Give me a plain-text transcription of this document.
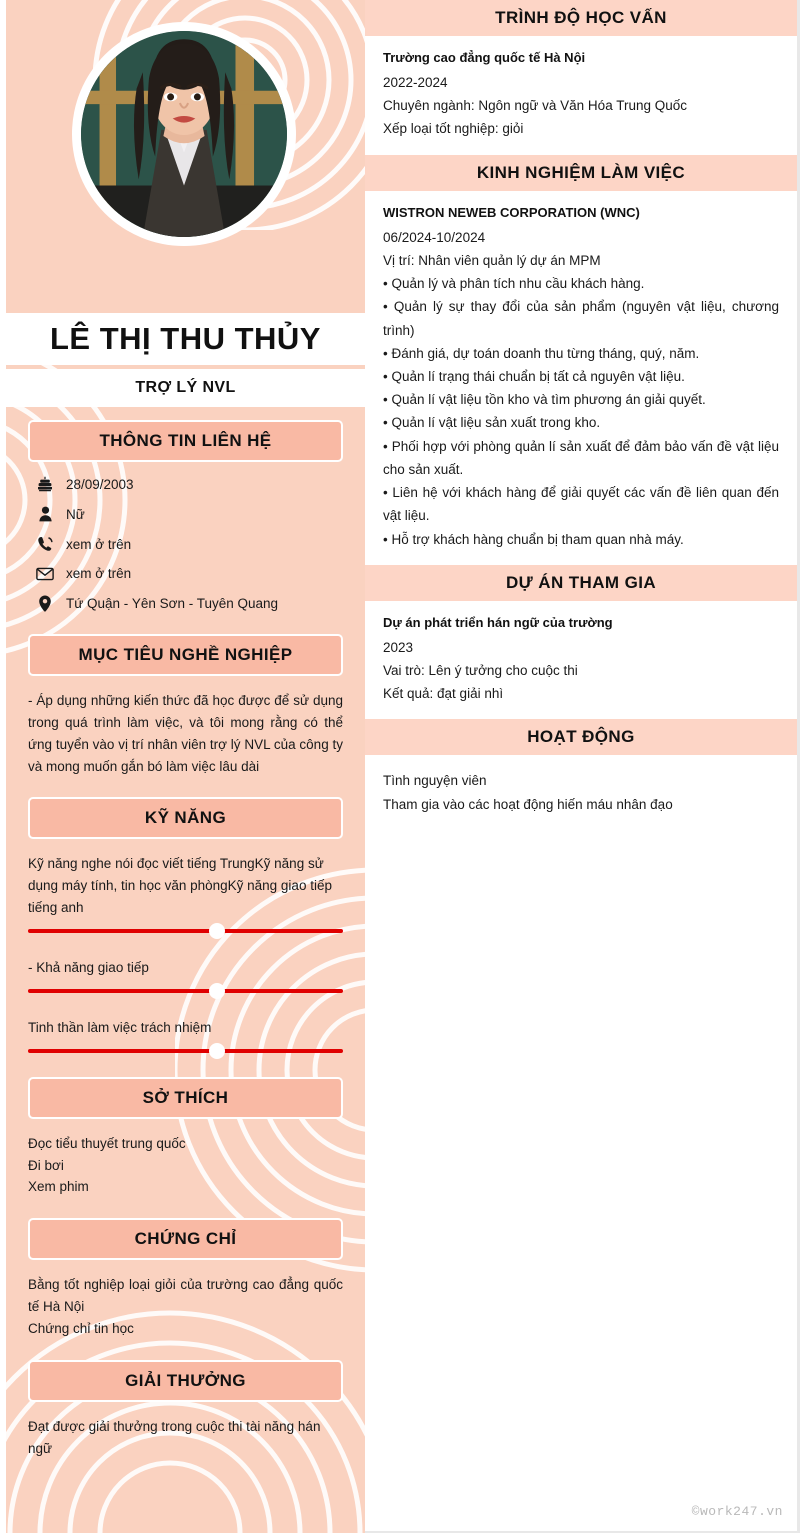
LÊ THỊ THU THỦY
TRỢ LÝ NVL
THÔNG TIN LIÊN HỆ
28/09/2003
Nữ
xem ở trên
xem ở trên
Tứ Quận - Yên Sơn - Tuyên Quang
MỤC TIÊU NGHỀ NGHIỆP
- Áp dụng những kiến thức đã học được để sử dụng trong quá trình làm việc, và tôi mong rằng có thể ứng tuyển vào vị trí nhân viên trợ lý NVL của công ty và mong muốn gắn bó làm việc lâu dài
KỸ NĂNG
Kỹ năng nghe nói đọc viết tiếng TrungKỹ năng sử dụng máy tính, tin học văn phòngKỹ năng giao tiếp tiếng anh
- Khả năng giao tiếp
Tinh thần làm việc trách nhiệm
SỞ THÍCH
Đọc tiểu thuyết trung quốc
Đi bơi
Xem phim
CHỨNG CHỈ
Bằng tốt nghiệp loại giỏi của trường cao đẳng quốc tế Hà Nội
Chứng chỉ tin học
GIẢI THƯỞNG
Đạt được giải thưởng trong cuộc thi tài năng hán ngữ
TRÌNH ĐỘ HỌC VẤN
Trường cao đẳng quốc tế Hà Nội
2022-2024
Chuyên ngành: Ngôn ngữ và Văn Hóa Trung Quốc
Xếp loại tốt nghiệp: giỏi
KINH NGHIỆM LÀM VIỆC
WISTRON NEWEB CORPORATION (WNC)
06/2024-10/2024
Vị trí: Nhân viên quản lý dự án MPM
• Quản lý và phân tích nhu cầu khách hàng.
• Quản lý sự thay đổi của sản phẩm (nguyên vật liệu, chương trình)
• Đánh giá, dự toán doanh thu từng tháng, quý, năm.
• Quản lí trạng thái chuẩn bị tất cả nguyên vật liệu.
• Quản lí vật liệu tồn kho và tìm phương án giải quyết.
• Quản lí vật liệu sản xuất trong kho.
• Phối hợp với phòng quản lí sản xuất để đảm bảo vấn đề vật liệu cho sản xuất.
• Liên hệ với khách hàng để giải quyết các vấn đề liên quan đến vật liệu.
• Hỗ trợ khách hàng chuẩn bị tham quan nhà máy.
DỰ ÁN THAM GIA
Dự án phát triển hán ngữ của trường
2023
Vai trò: Lên ý tưởng cho cuộc thi
Kết quả: đạt giải nhì
HOẠT ĐỘNG
Tình nguyện viên
Tham gia vào các hoạt động hiến máu nhân đạo
©work247.vn
